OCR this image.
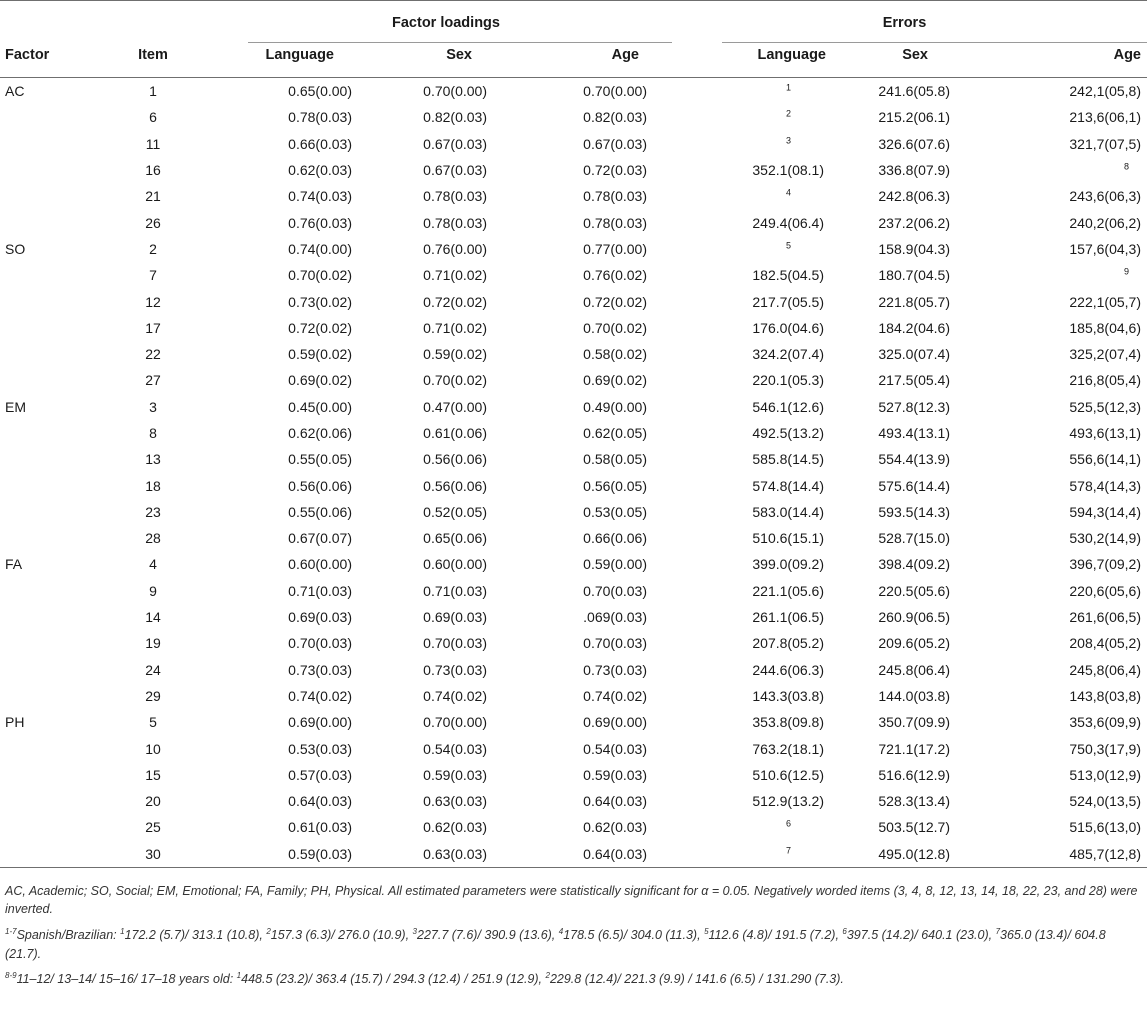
		Factor loadings			Errors		

Factor	Item	Language	Sex	Age	Language	Sex	Age
AC	1	0.65(0.00)	0.70(0.00)	0.70(0.00)	$^1$	241.6(05.8)	242,1(05,8)
	6	0.78(0.03)	0.82(0.03)	0.82(0.03)	$^2$	215.2(06.1)	213,6(06,1)
	11	0.66(0.03)	0.67(0.03)	0.67(0.03)	$^3$	326.6(07.6)	321,7(07,5)
	16	0.62(0.03)	0.67(0.03)	0.72(0.03)	352.1(08.1)	336.8(07.9)	$^8$
	21	0.74(0.03)	0.78(0.03)	0.78(0.03)	$^4$	242.8(06.3)	243,6(06,3)
	26	0.76(0.03)	0.78(0.03)	0.78(0.03)	249.4(06.4)	237.2(06.2)	240,2(06,2)
SO	2	0.74(0.00)	0.76(0.00)	0.77(0.00)	$^5$	158.9(04.3)	157,6(04,3)
	7	0.70(0.02)	0.71(0.02)	0.76(0.02)	182.5(04.5)	180.7(04.5)	$^9$
	12	0.73(0.02)	0.72(0.02)	0.72(0.02)	217.7(05.5)	221.8(05.7)	222,1(05,7)
	17	0.72(0.02)	0.71(0.02)	0.70(0.02)	176.0(04.6)	184.2(04.6)	185,8(04,6)
	22	0.59(0.02)	0.59(0.02)	0.58(0.02)	324.2(07.4)	325.0(07.4)	325,2(07,4)
	27	0.69(0.02)	0.70(0.02)	0.69(0.02)	220.1(05.3)	217.5(05.4)	216,8(05,4)
EM	3	0.45(0.00)	0.47(0.00)	0.49(0.00)	546.1(12.6)	527.8(12.3)	525,5(12,3)
	8	0.62(0.06)	0.61(0.06)	0.62(0.05)	492.5(13.2)	493.4(13.1)	493,6(13,1)
	13	0.55(0.05)	0.56(0.06)	0.58(0.05)	585.8(14.5)	554.4(13.9)	556,6(14,1)
	18	0.56(0.06)	0.56(0.06)	0.56(0.05)	574.8(14.4)	575.6(14.4)	578,4(14,3)
	23	0.55(0.06)	0.52(0.05)	0.53(0.05)	583.0(14.4)	593.5(14.3)	594,3(14,4)
	28	0.67(0.07)	0.65(0.06)	0.66(0.06)	510.6(15.1)	528.7(15.0)	530,2(14,9)
FA	4	0.60(0.00)	0.60(0.00)	0.59(0.00)	399.0(09.2)	398.4(09.2)	396,7(09,2)
	9	0.71(0.03)	0.71(0.03)	0.70(0.03)	221.1(05.6)	220.5(05.6)	220,6(05,6)
	14	0.69(0.03)	0.69(0.03)	.069(0.03)	261.1(06.5)	260.9(06.5)	261,6(06,5)
	19	0.70(0.03)	0.70(0.03)	0.70(0.03)	207.8(05.2)	209.6(05.2)	208,4(05,2)
	24	0.73(0.03)	0.73(0.03)	0.73(0.03)	244.6(06.3)	245.8(06.4)	245,8(06,4)
	29	0.74(0.02)	0.74(0.02)	0.74(0.02)	143.3(03.8)	144.0(03.8)	143,8(03,8)
PH	5	0.69(0.00)	0.70(0.00)	0.69(0.00)	353.8(09.8)	350.7(09.9)	353,6(09,9)
	10	0.53(0.03)	0.54(0.03)	0.54(0.03)	763.2(18.1)	721.1(17.2)	750,3(17,9)
	15	0.57(0.03)	0.59(0.03)	0.59(0.03)	510.6(12.5)	516.6(12.9)	513,0(12,9)
	20	0.64(0.03)	0.63(0.03)	0.64(0.03)	512.9(13.2)	528.3(13.4)	524,0(13,5)
	25	0.61(0.03)	0.62(0.03)	0.62(0.03)	$^6$	503.5(12.7)	515,6(13,0)
	30	0.59(0.03)	0.63(0.03)	0.64(0.03)	$^7$	495.0(12.8)	485,7(12,8)

AC, Academic; SO, Social; EM, Emotional; FA, Family; PH, Physical. All estimated parameters were statistically significant for α = 0.05. Negatively worded items (3, 4, 8, 12, 13, 14, 18, 22, 23, and 28) were inverted.

$^{1-7}$Spanish/Brazilian: $^1$172.2 (5.7)/ 313.1 (10.8), $^2$157.3 (6.3)/ 276.0 (10.9), $^3$227.7 (7.6)/ 390.9 (13.6), $^4$178.5 (6.5)/ 304.0 (11.3), $^5$112.6 (4.8)/ 191.5 (7.2), $^6$397.5 (14.2)/ 640.1 (23.0), $^7$365.0 (13.4)/ 604.8 (21.7).

$^{8-9}$11–12/ 13–14/ 15–16/ 17–18 years old: $^1$448.5 (23.2)/ 363.4 (15.7) / 294.3 (12.4) / 251.9 (12.9), $^2$229.8 (12.4)/ 221.3 (9.9) / 141.6 (6.5) / 131.290 (7.3).
